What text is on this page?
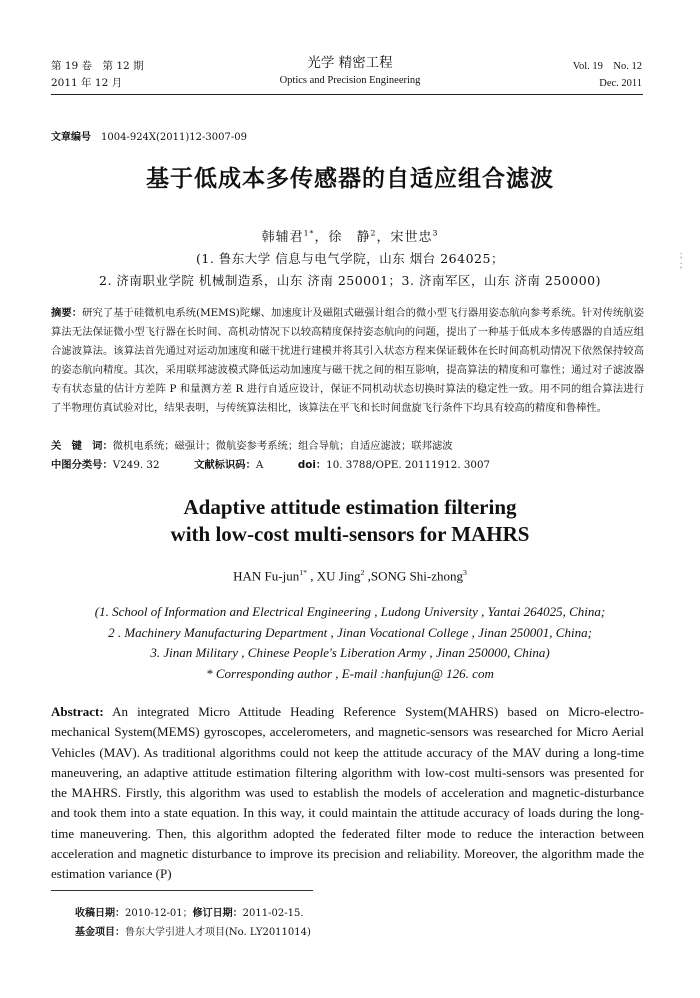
第 19 卷　第 12 期
2011 年 12 月
光学 精密工程
Optics and Precision Engineering
Vol. 19　No. 12
Dec. 2011
文章编号 1004-924X(2011)12-3007-09
基于低成本多传感器的自适应组合滤波
韩辅君$^{1*}$，徐　静$^2$，宋世忠$^3$
(1. 鲁东大学 信息与电气学院，山东 烟台 264025；
2. 济南职业学院 机械制造系，山东 济南 250001；3. 济南军区，山东 济南 250000)
摘要：研究了基于硅微机电系统(MEMS)陀螺、加速度计及磁阻式磁强计组合的微小型飞行器用姿态航向参考系统。针对传统航姿算法无法保证微小型飞行器在长时间、高机动情况下以较高精度保持姿态航向的问题，提出了一种基于低成本多传感器的自适应组合滤波算法。该算法首先通过对运动加速度和磁干扰进行建模并将其引入状态方程来保证载体在长时间高机动情况下依然保持较高的姿态航向精度。其次，采用联邦滤波模式降低运动加速度与磁干扰之间的相互影响，提高算法的精度和可靠性；通过对子滤波器专有状态量的估计方差阵 P 和量测方差 R 进行自适应设计，保证不同机动状态切换时算法的稳定性一致。用不同的组合算法进行了半物理仿真试验对比，结果表明，与传统算法相比，该算法在平飞和长时间盘旋飞行条件下均具有较高的精度和鲁棒性。
关　键　词：微机电系统；磁强计；微航姿参考系统；组合导航；自适应滤波；联邦滤波
中图分类号：V249. 32	文献标识码：A	doi：10. 3788/OPE. 20111912. 3007
Adaptive attitude estimation filtering
with low-cost multi-sensors for MAHRS
HAN Fu-jun$^{1*}$ , XU Jing$^2$ ,SONG Shi-zhong$^3$
(1. School of Information and Electrical Engineering , Ludong University , Yantai 264025, China;
2 . Machinery Manufacturing Department , Jinan Vocational College , Jinan 250001, China;
3. Jinan Military , Chinese People's Liberation Army , Jinan 250000, China)
* Corresponding author , E-mail :hanfujun@ 126. com
Abstract: An integrated Micro Attitude Heading Reference System(MAHRS) based on Micro-electro-mechanical System(MEMS) gyroscopes, accelerometers, and magnetic-sensors was researched for Micro Aerial Vehicles (MAV). As traditional algorithms could not keep the attitude accuracy of the MAV during a long-time maneuvering, an adaptive attitude estimation filtering algorithm with low-cost multi-sensors was presented for the MAHRS. Firstly, this algorithm was used to establish the models of acceleration and magnetic-disturbance and took them into a state equation. In this way, it could maintain the attitude accuracy of loads during the long-time maneuvering. Then, this algorithm adopted the federated filter mode to reduce the interaction between acceleration and magnetic disturbance to improve its precision and reliability. Moreover, the algorithm made the estimation variance (P)
收稿日期：2010-12-01；修订日期：2011-02-15.
基金项目：鲁东大学引进人才项目(No. LY2011014)
；
；
